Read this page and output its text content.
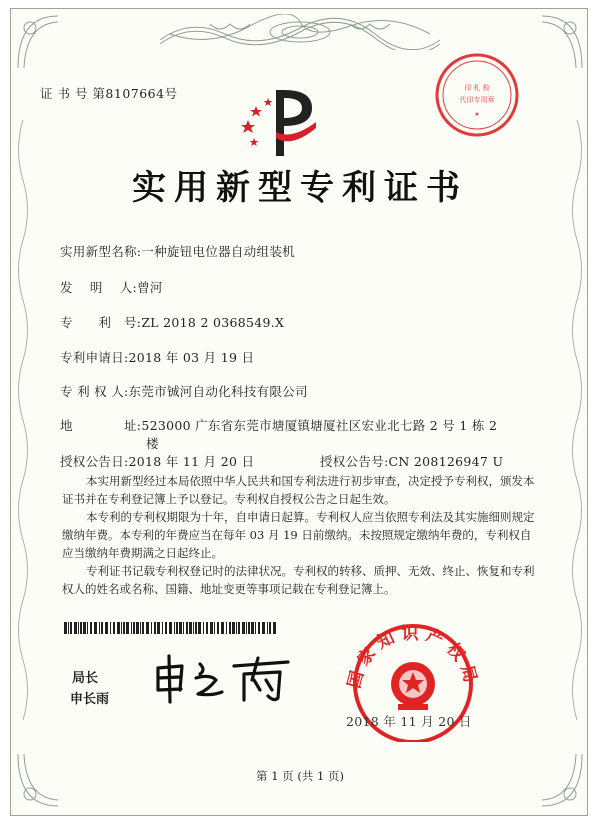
证 书 号 第8107664号	印 札 检
代印专用章
★
实用新型专利证书
实用新型名称:一种旋钮电位器自动组装机
发　 明 　人:曾河
专　　利　号:ZL 2018 2 0368549.X
专利申请日:2018 年 03 月 19 日
专 利 权 人:东莞市铖河自动化科技有限公司
地　　　　址:523000 广东省东莞市塘厦镇塘厦社区宏业北七路 2 号 1 栋 2
楼
授权公告日:2018 年 11 月 20 日	授权公告号:CN 208126947 U

本实用新型经过本局依照中华人民共和国专利法进行初步审查，决定授予专利权，颁发本证书并在专利登记簿上予以登记。专利权自授权公告之日起生效。

本专利的专利权期限为十年，自申请日起算。专利权人应当依照专利法及其实施细则规定缴纳年费。本专利的年费应当在每年 03 月 19 日前缴纳。未按照规定缴纳年费的，专利权自应当缴纳年费期满之日起终止。

专利证书记载专利权登记时的法律状况。专利权的转移、质押、无效、终止、恢复和专利权人的姓名或名称、国籍、地址变更等事项记载在专利登记簿上。

局长
申长雨
国家知识产权局
2018 年 11 月 20 日
第 1 页 (共 1 页)
